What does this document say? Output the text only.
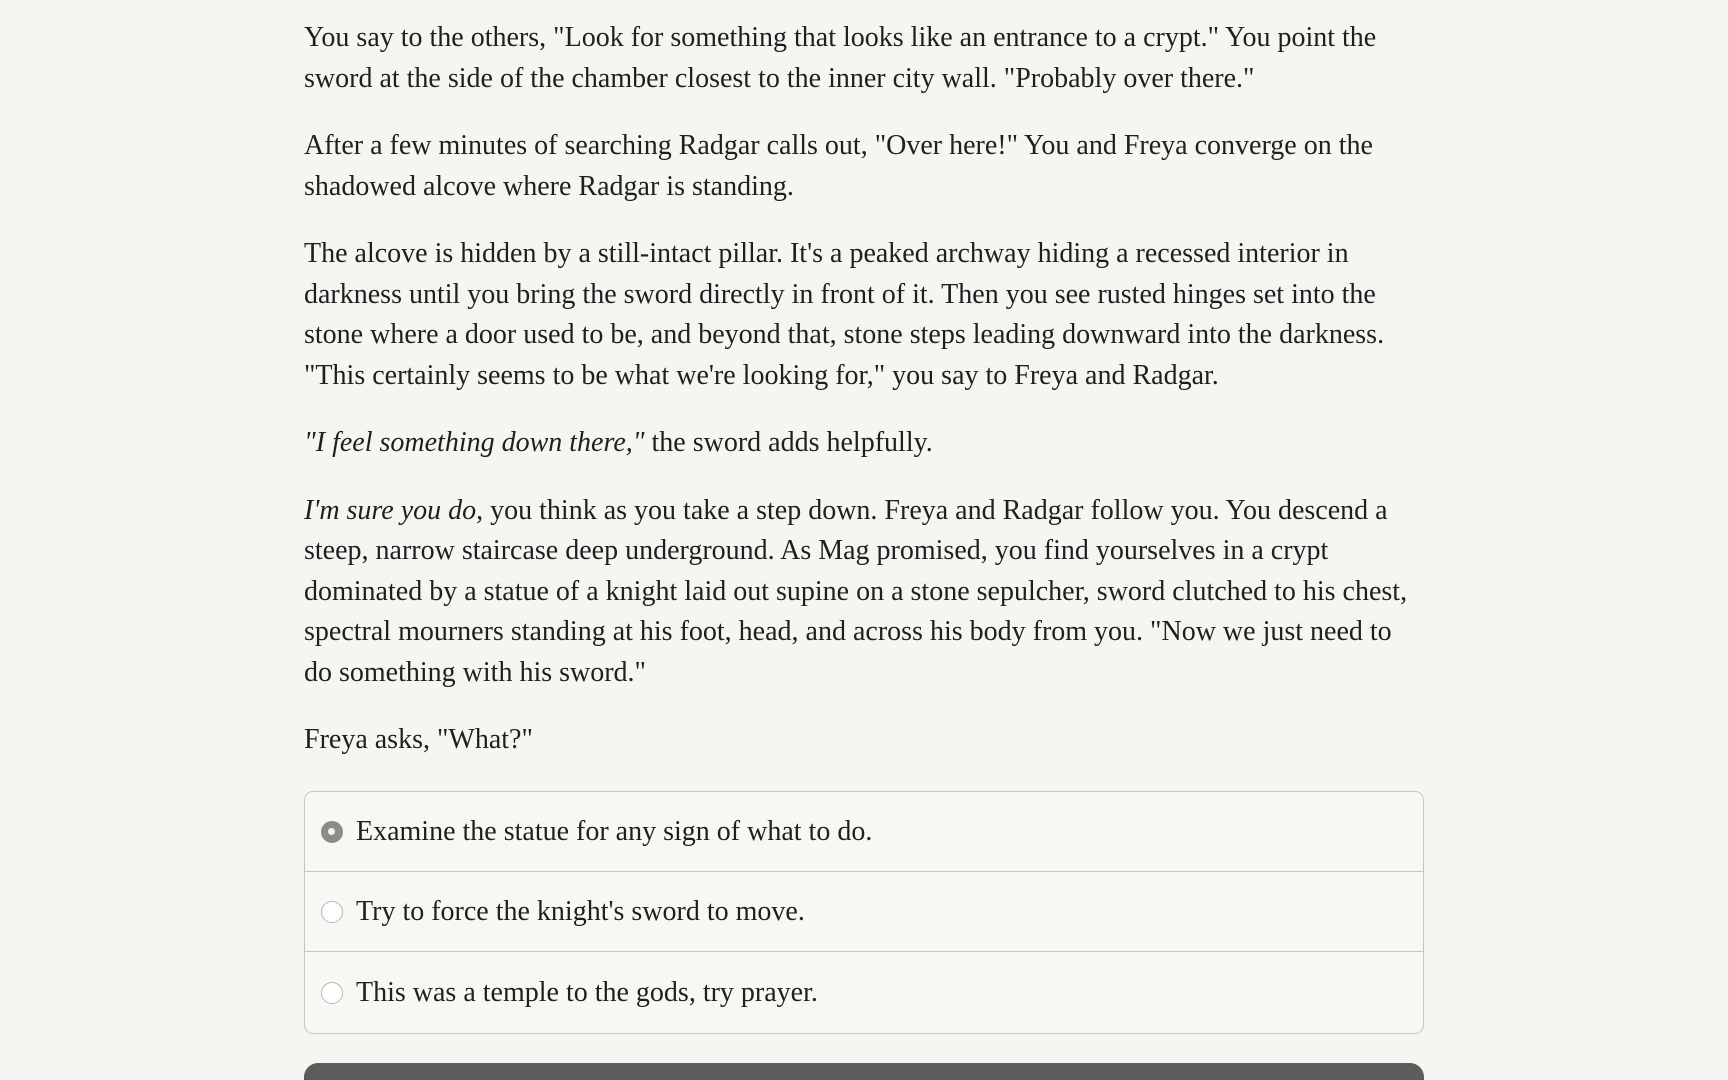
You say to the others, "Look for something that looks like an entrance to a crypt." You point the sword at the side of the chamber closest to the inner city wall. "Probably over there."

After a few minutes of searching Radgar calls out, "Over here!" You and Freya converge on the shadowed alcove where Radgar is standing.

The alcove is hidden by a still-intact pillar. It's a peaked archway hiding a recessed interior in darkness until you bring the sword directly in front of it. Then you see rusted hinges set into the stone where a door used to be, and beyond that, stone steps leading downward into the darkness. "This certainly seems to be what we're looking for," you say to Freya and Radgar.

"I feel something down there," the sword adds helpfully.

I'm sure you do, you think as you take a step down. Freya and Radgar follow you. You descend a steep, narrow staircase deep underground. As Mag promised, you find yourselves in a crypt dominated by a statue of a knight laid out supine on a stone sepulcher, sword clutched to his chest, spectral mourners standing at his foot, head, and across his body from you. "Now we just need to do something with his sword."

Freya asks, "What?"

Examine the statue for any sign of what to do.
Try to force the knight's sword to move.
This was a temple to the gods, try prayer.
